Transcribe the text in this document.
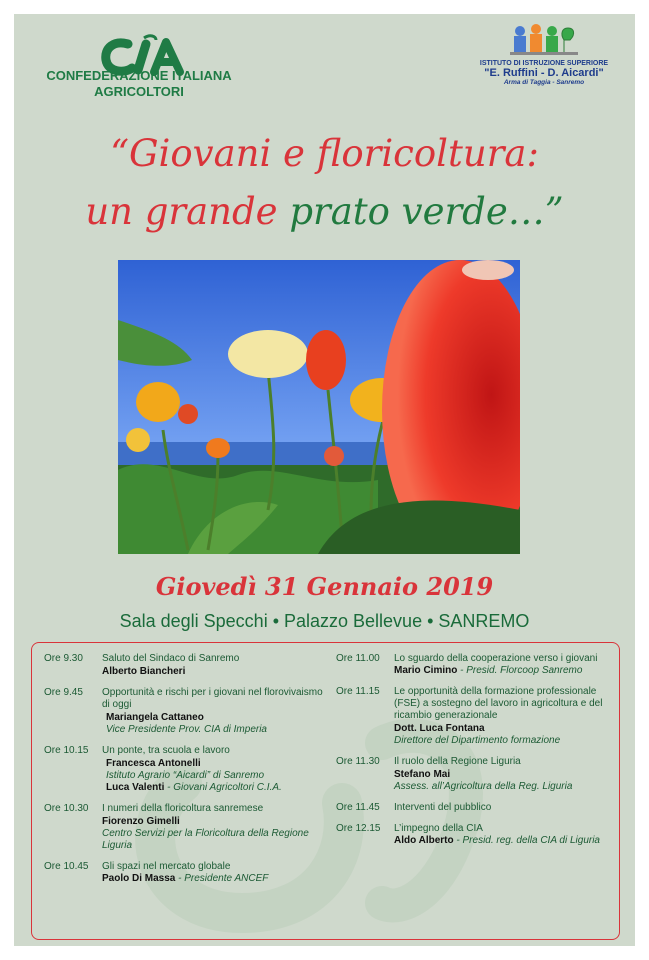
CONFEDERAZIONE ITALIANA
AGRICOLTORI
ISTITUTO DI ISTRUZIONE SUPERIORE
"E. Ruffini - D. Aicardi"
Arma di Taggia - Sanremo
“Giovani e floricoltura:
un grande prato verde…”
Giovedì 31 Gennaio 2019
Sala degli Specchi • Palazzo Bellevue • SANREMO
Ore 9.30	Saluto del Sindaco di Sanremo
Alberto Biancheri
Ore 9.45	Opportunità e rischi per i giovani nel florovivaismo di oggi
Mariangela Cattaneo
Vice Presidente Prov. CIA di Imperia
Ore 10.15	Un ponte, tra scuola e lavoro
Francesca Antonelli
Istituto Agrario “Aicardi” di Sanremo
Luca Valenti - Giovani Agricoltori C.I.A.
Ore 10.30	I numeri della floricoltura sanremese
Fiorenzo Gimelli
Centro Servizi per la Floricoltura della Regione Liguria
Ore 10.45	Gli spazi nel mercato globale
Paolo Di Massa - Presidente ANCEF
Ore 11.00	Lo sguardo della cooperazione verso i giovani
Mario Cimino - Presid. Florcoop Sanremo
Ore 11.15	Le opportunità della formazione professionale (FSE) a sostegno del lavoro in agricoltura e del ricambio generazionale
Dott. Luca Fontana
Direttore del Dipartimento formazione
Ore 11.30	Il ruolo della Regione Liguria
Stefano Mai
Assess. all’Agricoltura della Reg. Liguria
Ore 11.45	Interventi del pubblico
Ore 12.15	L’impegno della CIA
Aldo Alberto - Presid. reg. della CIA di Liguria
